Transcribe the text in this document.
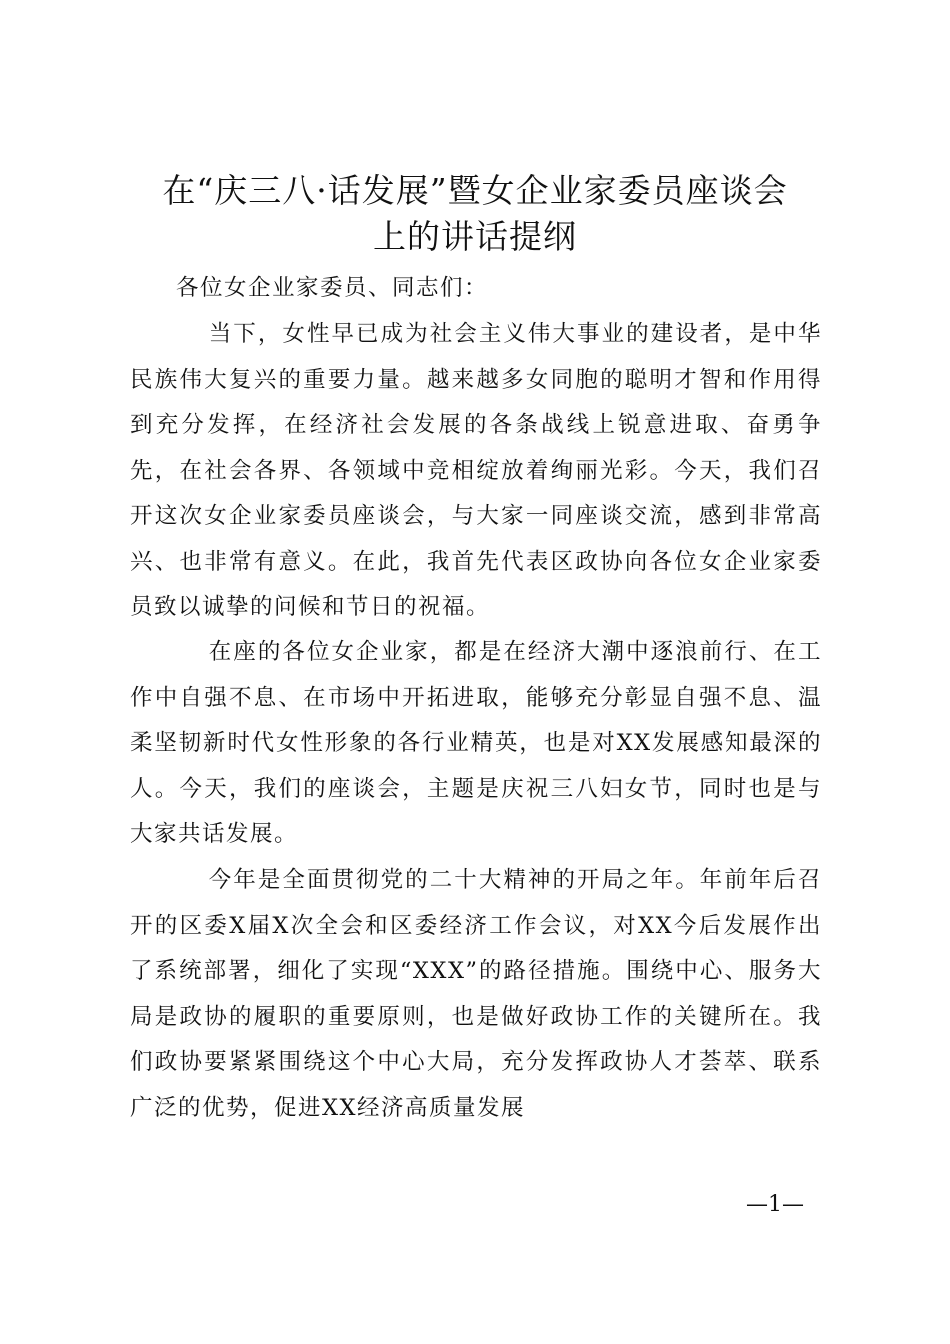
在“庆三八·话发展”暨女企业家委员座谈会
上的讲话提纲

各位女企业家委员、同志们：

当下，女性早已成为社会主义伟大事业的建设者，是中华民族伟大复兴的重要力量。越来越多女同胞的聪明才智和作用得到充分发挥，在经济社会发展的各条战线上锐意进取、奋勇争先，在社会各界、各领域中竞相绽放着绚丽光彩。今天，我们召开这次女企业家委员座谈会，与大家一同座谈交流，感到非常高兴、也非常有意义。在此，我首先代表区政协向各位女企业家委员致以诚挚的问候和节日的祝福。

在座的各位女企业家，都是在经济大潮中逐浪前行、在工作中自强不息、在市场中开拓进取，能够充分彰显自强不息、温柔坚韧新时代女性形象的各行业精英，也是对XX发展感知最深的人。今天，我们的座谈会，主题是庆祝三八妇女节，同时也是与大家共话发展。

今年是全面贯彻党的二十大精神的开局之年。年前年后召开的区委X届X次全会和区委经济工作会议，对XX今后发展作出了系统部署，细化了实现“XXX”的路径措施。围绕中心、服务大局是政协的履职的重要原则，也是做好政协工作的关键所在。我们政协要紧紧围绕这个中心大局，充分发挥政协人才荟萃、联系广泛的优势，促进XX经济高质量发展

—1—
